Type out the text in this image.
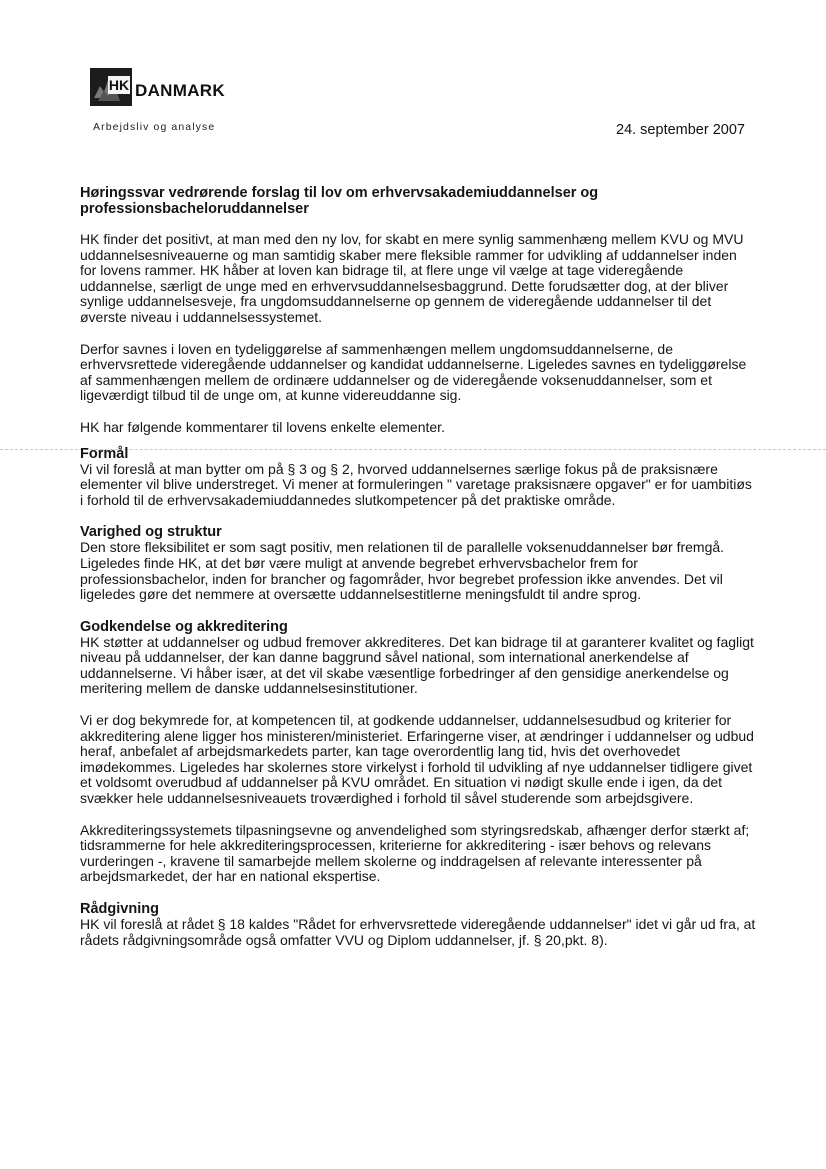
HK DANMARK
Arbejdsliv og analyse	24. september 2007
Høringssvar vedrørende forslag til lov om erhvervsakademiuddannelser og professionsbacheloruddannelser

HK finder det positivt, at man med den ny lov, for skabt en mere synlig sammenhæng mellem KVU og MVU uddannelsesniveauerne og man samtidig skaber mere fleksible rammer for udvikling af uddannelser inden for lovens rammer. HK håber at loven kan bidrage til, at flere unge vil vælge at tage videregående uddannelse, særligt de unge med en erhvervsuddannelsesbaggrund. Dette forudsætter dog, at der bliver synlige uddannelsesveje, fra ungdomsuddannelserne op gennem de videregående uddannelser til det øverste niveau i uddannelsessystemet.

Derfor savnes i loven en tydeliggørelse af sammenhængen mellem ungdomsuddannelserne, de erhvervsrettede videregående uddannelser og kandidat uddannelserne. Ligeledes savnes en tydeliggørelse af sammenhængen mellem de ordinære uddannelser og de videregående voksenuddannelser, som et ligeværdigt tilbud til de unge om, at kunne videreuddanne sig.

HK har følgende kommentarer til lovens enkelte elementer.

Formål

Vi vil foreslå at man bytter om på § 3 og § 2, hvorved uddannelsernes særlige fokus på de praksisnære elementer vil blive understreget. Vi mener at formuleringen " varetage praksisnære opgaver" er for uambitiøs i forhold til de erhvervsakademiuddannedes slutkompetencer på det praktiske område.

Varighed og struktur

Den store fleksibilitet er som sagt positiv, men relationen til de parallelle voksenuddannelser bør fremgå. Ligeledes finde HK, at det bør være muligt at anvende begrebet erhvervsbachelor frem for professionsbachelor, inden for brancher og fagområder, hvor begrebet profession ikke anvendes. Det vil ligeledes gøre det nemmere at oversætte uddannelsestitlerne meningsfuldt til andre sprog.

Godkendelse og akkreditering

HK støtter at uddannelser og udbud fremover akkrediteres. Det kan bidrage til at garanterer kvalitet og fagligt niveau på uddannelser, der kan danne baggrund såvel national, som international anerkendelse af uddannelserne. Vi håber især, at det vil skabe væsentlige forbedringer af den gensidige anerkendelse og meritering mellem de danske uddannelsesinstitutioner.

Vi er dog bekymrede for, at kompetencen til, at godkende uddannelser, uddannelsesudbud og kriterier for akkreditering alene ligger hos ministeren/ministeriet. Erfaringerne viser, at ændringer i uddannelser og udbud heraf, anbefalet af arbejdsmarkedets parter, kan tage overordentlig lang tid, hvis det overhovedet imødekommes. Ligeledes har skolernes store virkelyst i forhold til udvikling af nye uddannelser tidligere givet et voldsomt overudbud af uddannelser på KVU området. En situation vi nødigt skulle ende i igen, da det svækker hele uddannelsesniveauets troværdighed i forhold til såvel studerende som arbejdsgivere.

Akkrediteringssystemets tilpasningsevne og anvendelighed som styringsredskab, afhænger derfor stærkt af; tidsrammerne for hele akkrediteringsprocessen, kriterierne for akkreditering - især behovs og relevans vurderingen -, kravene til samarbejde mellem skolerne og inddragelsen af relevante interessenter på arbejdsmarkedet, der har en national ekspertise.

Rådgivning

HK vil foreslå at rådet § 18 kaldes "Rådet for erhvervsrettede videregående uddannelser" idet vi går ud fra, at rådets rådgivningsområde også omfatter VVU og Diplom uddannelser, jf. § 20,pkt. 8).
